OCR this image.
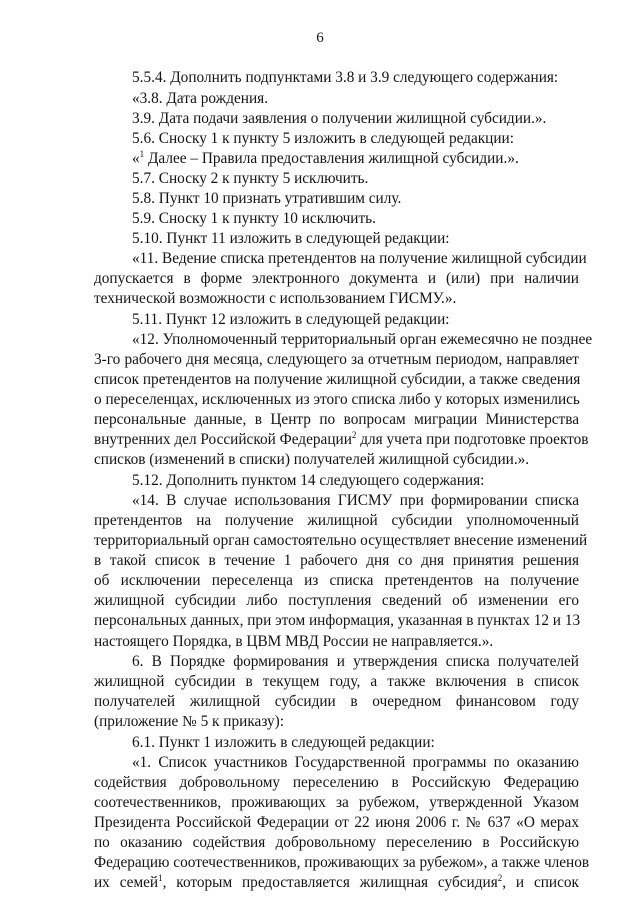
6
5.5.4. Дополнить подпунктами 3.8 и 3.9 следующего содержания:
«3.8. Дата рождения.
3.9. Дата подачи заявления о получении жилищной субсидии.».
5.6. Сноску 1 к пункту 5 изложить в следующей редакции:
«$^1$ Далее – Правила предоставления жилищной субсидии.».
5.7. Сноску 2 к пункту 5 исключить.
5.8. Пункт 10 признать утратившим силу.
5.9. Сноску 1 к пункту 10 исключить.
5.10. Пункт 11 изложить в следующей редакции:
«11. Ведение списка претендентов на получение жилищной субсидии
допускается в форме электронного документа и (или) при наличии
технической возможности с использованием ГИСМУ.».
5.11. Пункт 12 изложить в следующей редакции:
«12. Уполномоченный территориальный орган ежемесячно не позднее
3-го рабочего дня месяца, следующего за отчетным периодом, направляет
список претендентов на получение жилищной субсидии, а также сведения
о переселенцах, исключенных из этого списка либо у которых изменились
персональные данные, в Центр по вопросам миграции Министерства
внутренних дел Российской Федерации$^2$ для учета при подготовке проектов
списков (изменений в списки) получателей жилищной субсидии.».
5.12. Дополнить пунктом 14 следующего содержания:
«14. В случае использования ГИСМУ при формировании списка
претендентов на получение жилищной субсидии уполномоченный
территориальный орган самостоятельно осуществляет внесение изменений
в такой список в течение 1 рабочего дня со дня принятия решения
об исключении переселенца из списка претендентов на получение
жилищной субсидии либо поступления сведений об изменении его
персональных данных, при этом информация, указанная в пунктах 12 и 13
настоящего Порядка, в ЦВМ МВД России не направляется.».
6. В Порядке формирования и утверждения списка получателей
жилищной субсидии в текущем году, а также включения в список
получателей жилищной субсидии в очередном финансовом году
(приложение № 5 к приказу):
6.1. Пункт 1 изложить в следующей редакции:
«1. Список участников Государственной программы по оказанию
содействия добровольному переселению в Российскую Федерацию
соотечественников, проживающих за рубежом, утвержденной Указом
Президента Российской Федерации от 22 июня 2006 г. № 637 «О мерах
по оказанию содействия добровольному переселению в Российскую
Федерацию соотечественников, проживающих за рубежом», а также членов
их семей$^1$, которым предоставляется жилищная субсидия$^2$, и список
